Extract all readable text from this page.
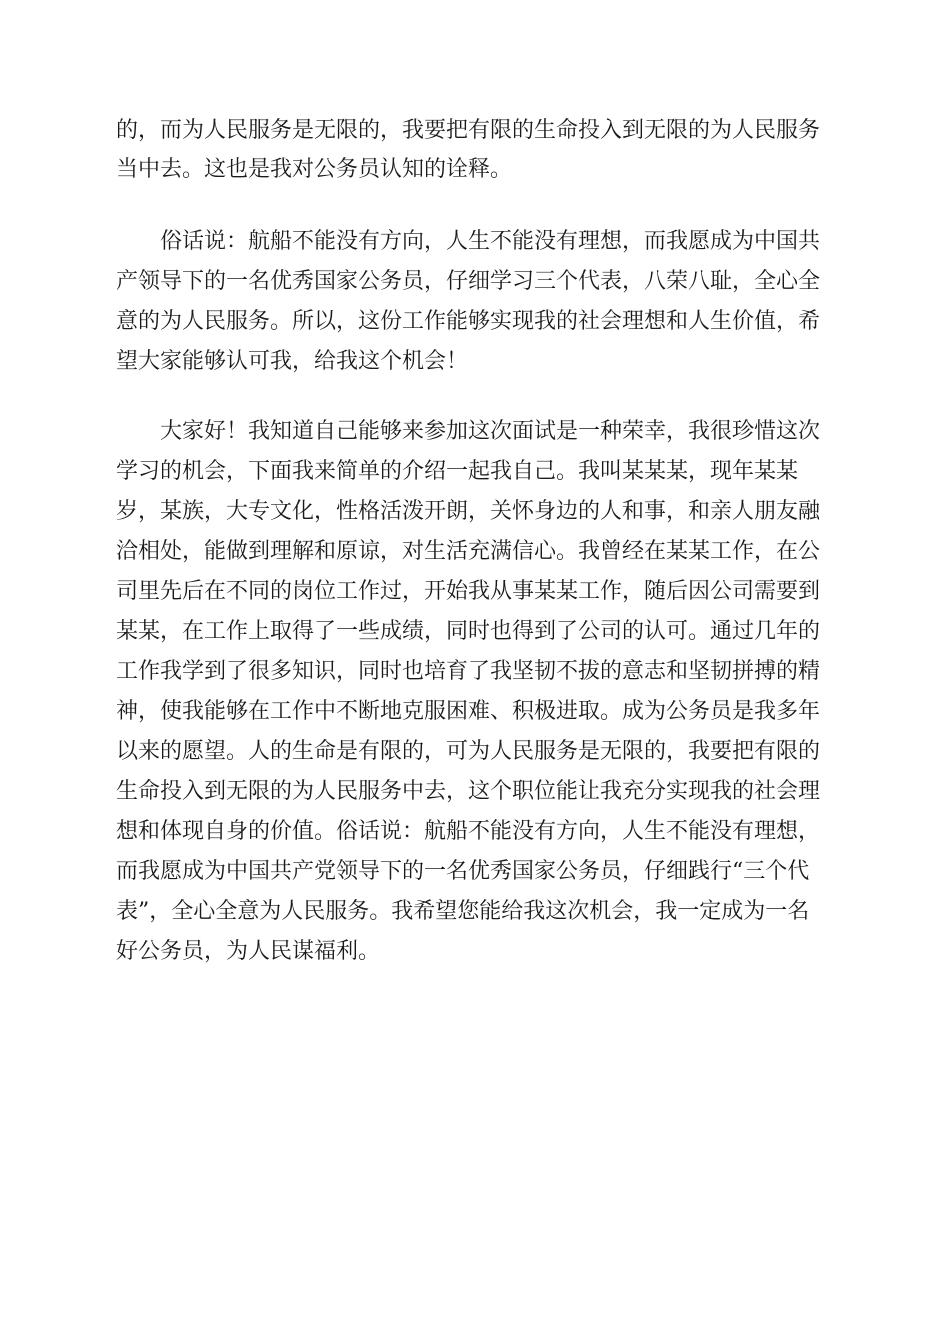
的，而为人民服务是无限的，我要把有限的生命投入到无限的为人民服务
当中去。这也是我对公务员认知的诠释。
俗话说：航船不能没有方向，人生不能没有理想，而我愿成为中国共
产领导下的一名优秀国家公务员，仔细学习三个代表，八荣八耻，全心全
意的为人民服务。所以，这份工作能够实现我的社会理想和人生价值，希
望大家能够认可我，给我这个机会！
大家好！我知道自己能够来参加这次面试是一种荣幸，我很珍惜这次
学习的机会，下面我来简单的介绍一起我自己。我叫某某某，现年某某
岁，某族，大专文化，性格活泼开朗，关怀身边的人和事，和亲人朋友融
洽相处，能做到理解和原谅，对生活充满信心。我曾经在某某工作，在公
司里先后在不同的岗位工作过，开始我从事某某工作，随后因公司需要到
某某，在工作上取得了一些成绩，同时也得到了公司的认可。通过几年的
工作我学到了很多知识，同时也培育了我坚韧不拔的意志和坚韧拼搏的精
神，使我能够在工作中不断地克服困难、积极进取。成为公务员是我多年
以来的愿望。人的生命是有限的，可为人民服务是无限的，我要把有限的
生命投入到无限的为人民服务中去，这个职位能让我充分实现我的社会理
想和体现自身的价值。俗话说：航船不能没有方向，人生不能没有理想，
而我愿成为中国共产党领导下的一名优秀国家公务员，仔细践行“三个代
表”，全心全意为人民服务。我希望您能给我这次机会，我一定成为一名
好公务员，为人民谋福利。
